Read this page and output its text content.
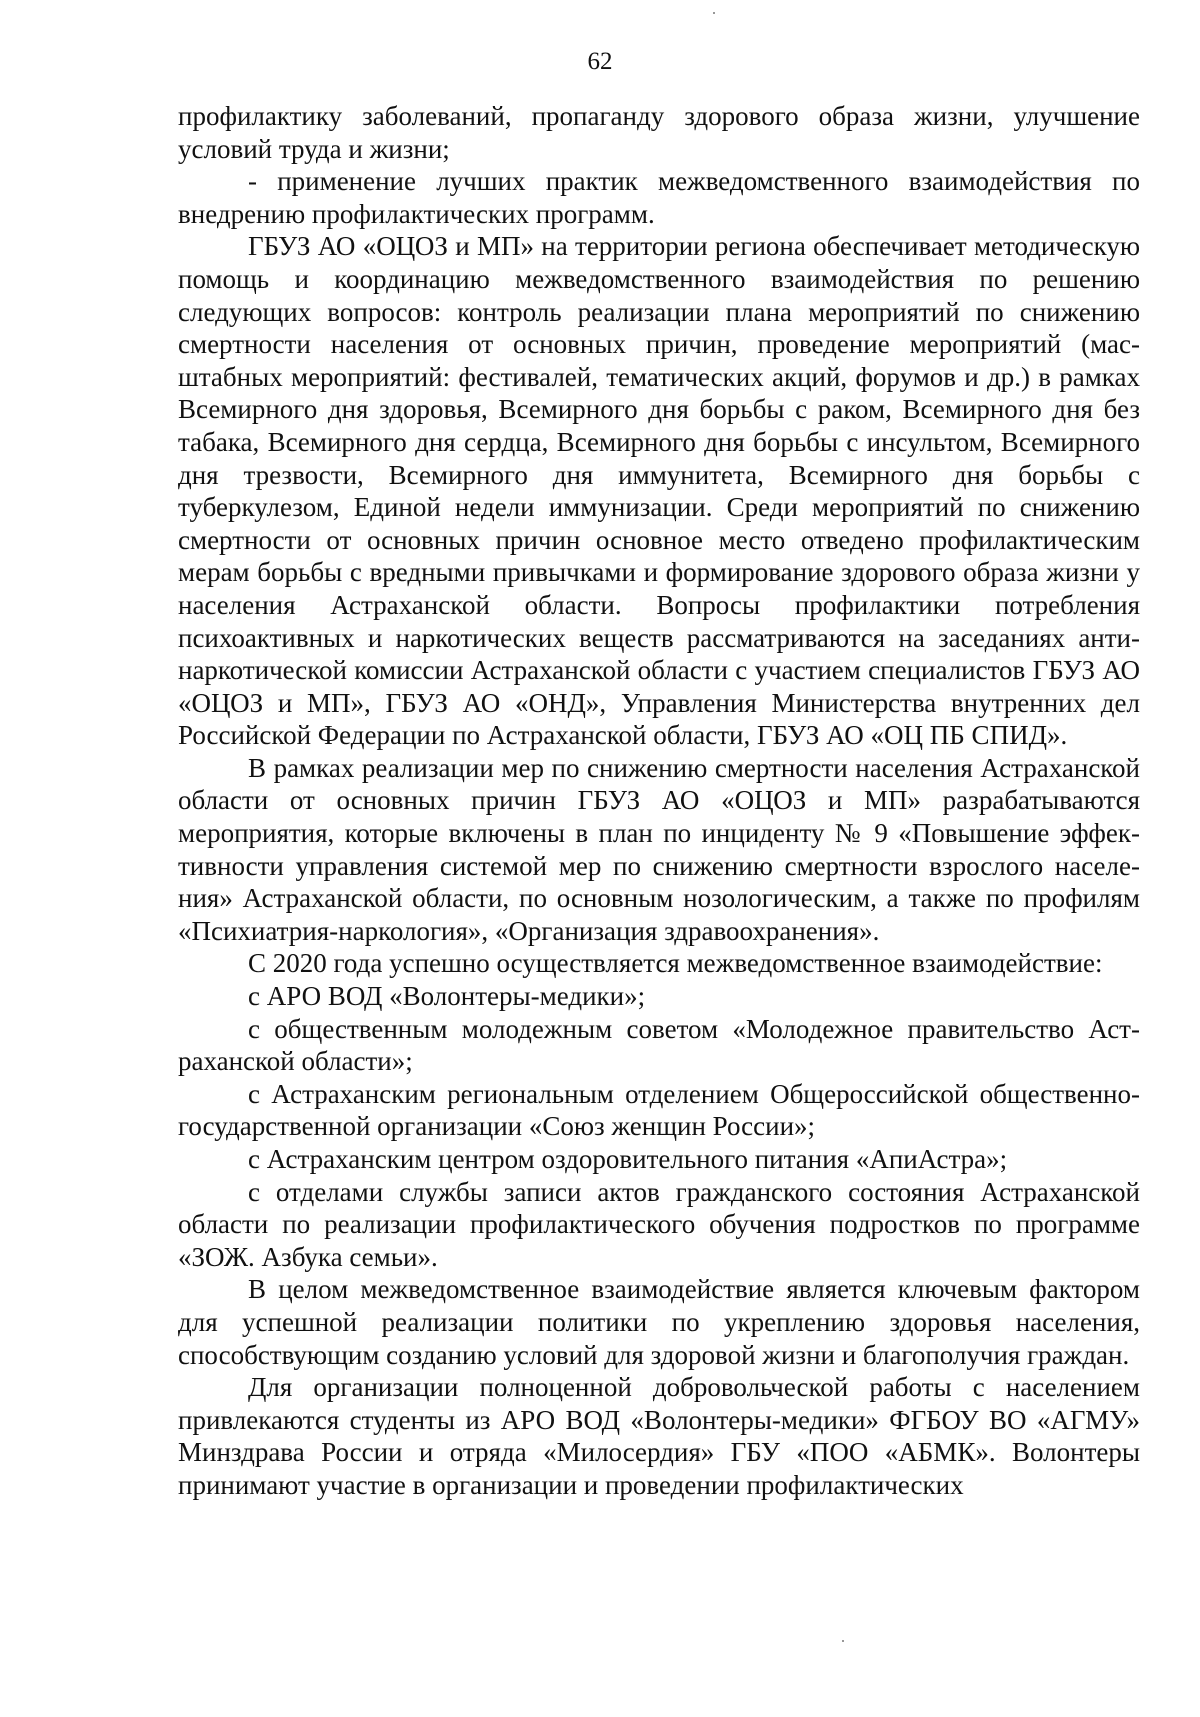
62

профилактику заболеваний, пропаганду здорового образа жизни, улучшение условий труда и жизни;

- применение лучших практик межведомственного взаимодействия по внедрению профилактических программ.

ГБУЗ АО «ОЦОЗ и МП» на территории региона обеспечивает методическую помощь и координацию межведомственного взаимодействия по решению следующих вопросов: контроль реализации плана мероприятий по снижению смертности населения от основных причин, проведение мероприятий (масштабных мероприятий: фестивалей, тематических акций, форумов и др.) в рамках Всемирного дня здоровья, Всемирного дня борьбы с раком, Всемирного дня без табака, Всемирного дня сердца, Всемирного дня борьбы с инсультом, Всемирного дня трезвости, Всемирного дня иммунитета, Всемирного дня борьбы с туберкулезом, Единой недели иммунизации. Среди мероприятий по снижению смертности от основных причин основное место отведено профилактическим мерам борьбы с вредными привычками и формирование здорового образа жизни у населения Астраханской области. Вопросы профилактики потребления психоактивных и наркотических веществ рассматриваются на заседаниях антинаркотической комиссии Астраханской области с участием специалистов ГБУЗ АО «ОЦОЗ и МП», ГБУЗ АО «ОНД», Управления Министерства внутренних дел Российской Федерации по Астраханской области, ГБУЗ АО «ОЦ ПБ СПИД».

В рамках реализации мер по снижению смертности населения Астраханской области от основных причин ГБУЗ АО «ОЦОЗ и МП» разрабатываются мероприятия, которые включены в план по инциденту № 9 «Повышение эффективности управления системой мер по снижению смертности взрослого населения» Астраханской области, по основным нозологическим, а также по профилям «Психиатрия-наркология», «Организация здравоохранения».

С 2020 года успешно осуществляется межведомственное взаимодействие:

с АРО ВОД «Волонтеры-медики»;

с общественным молодежным советом «Молодежное правительство Астраханской области»;

с Астраханским региональным отделением Общероссийской общественно-государственной организации «Союз женщин России»;

с Астраханским центром оздоровительного питания «АпиАстра»;

с отделами службы записи актов гражданского состояния Астраханской области по реализации профилактического обучения подростков по программе «ЗОЖ. Азбука семьи».

В целом межведомственное взаимодействие является ключевым фактором для успешной реализации политики по укреплению здоровья населения, способствующим созданию условий для здоровой жизни и благополучия граждан.

Для организации полноценной добровольческой работы с населением привлекаются студенты из АРО ВОД «Волонтеры-медики» ФГБОУ ВО «АГМУ» Минздрава России и отряда «Милосердия» ГБУ «ПОО «АБМК». Волонтеры принимают участие в организации и проведении профилактических
